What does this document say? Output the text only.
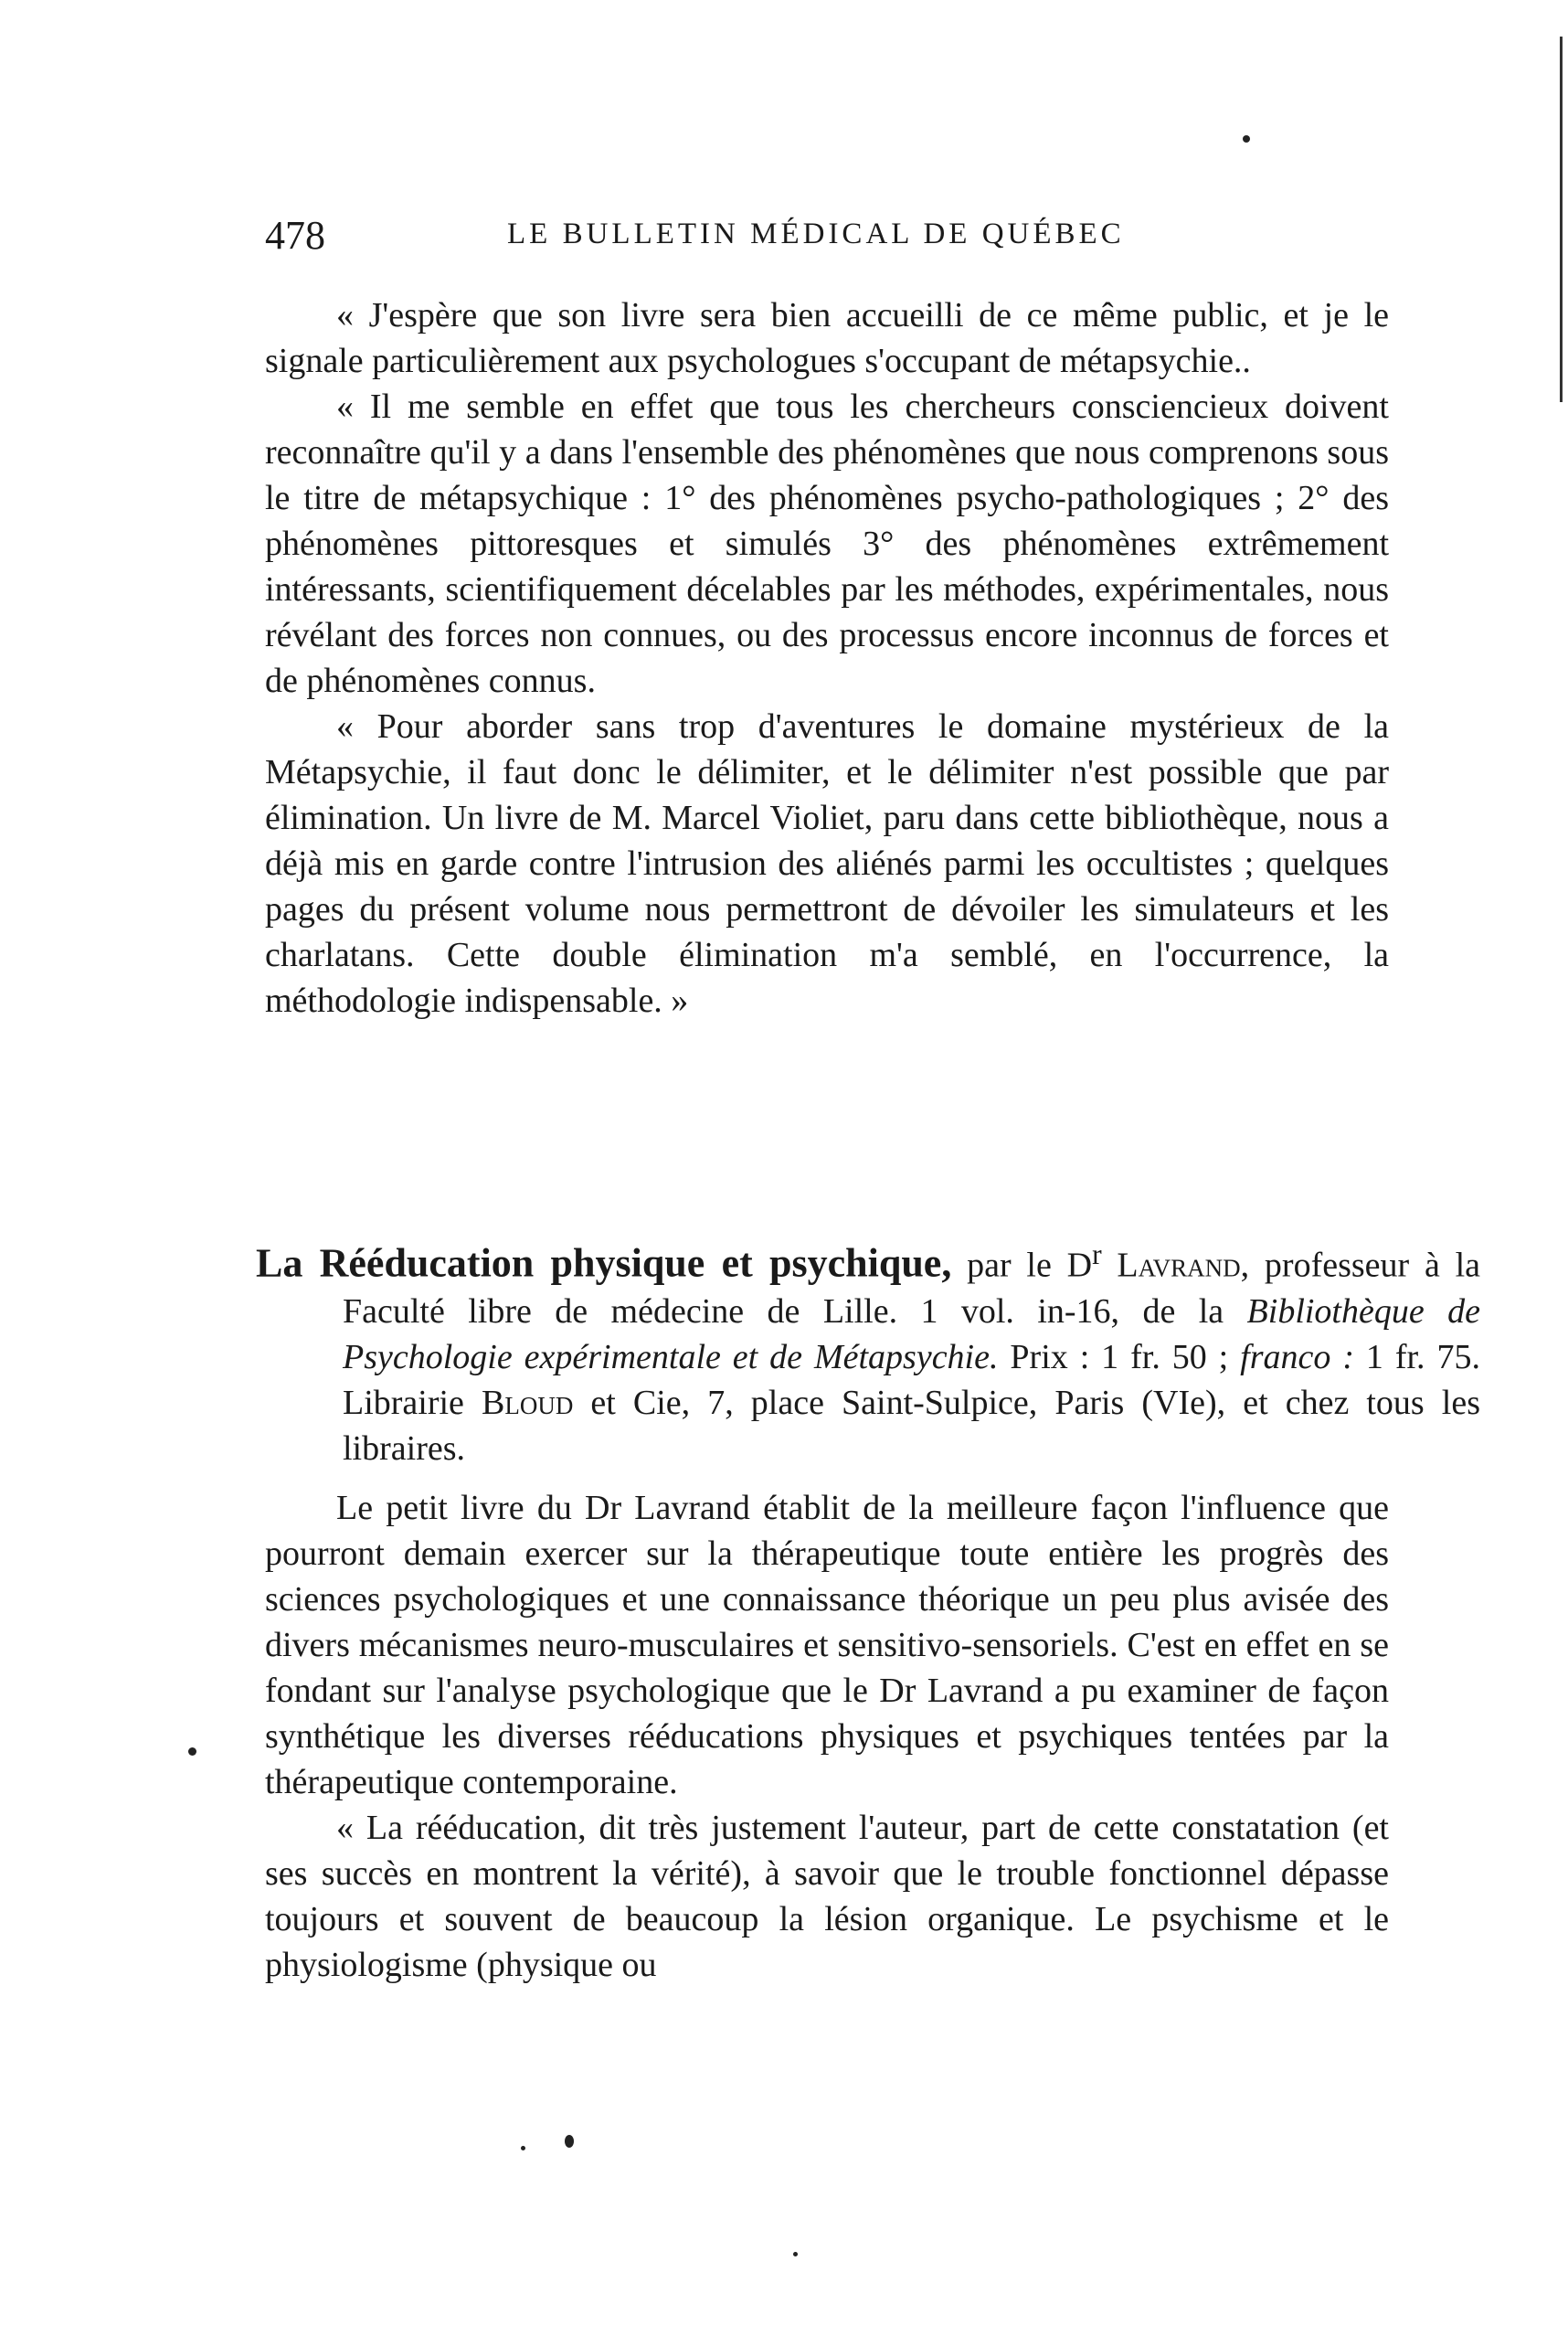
478	LE BULLETIN MÉDICAL DE QUÉBEC

« J'espère que son livre sera bien accueilli de ce même public, et je le signale particulièrement aux psychologues s'occupant de métapsychie..

« Il me semble en effet que tous les chercheurs consciencieux doivent reconnaître qu'il y a dans l'ensemble des phénomènes que nous comprenons sous le titre de métapsychique : 1° des phénomènes psycho-pathologiques ; 2° des phénomènes pittoresques et simulés 3° des phénomènes extrêmement intéressants, scientifiquement décelables par les méthodes, expérimentales, nous révélant des forces non connues, ou des processus encore inconnus de forces et de phénomènes connus.

« Pour aborder sans trop d'aventures le domaine mystérieux de la Métapsychie, il faut donc le délimiter, et le délimiter n'est possible que par élimination. Un livre de M. Marcel Violiet, paru dans cette bibliothèque, nous a déjà mis en garde contre l'intrusion des aliénés parmi les occultistes ; quelques pages du présent volume nous permettront de dévoiler les simulateurs et les charlatans. Cette double élimination m'a semblé, en l'occurrence, la méthodologie indispensable. »

La Rééducation physique et psychique, par le $D^r$ Lavrand, professeur à la Faculté libre de médecine de Lille. 1 vol. in-16, de la Bibliothèque de Psychologie expérimentale et de Métapsychie. Prix : 1 fr. 50 ; franco : 1 fr. 75. Librairie Bloud et Cie, 7, place Saint-Sulpice, Paris (VIe), et chez tous les libraires.

Le petit livre du Dr Lavrand établit de la meilleure façon l'influence que pourront demain exercer sur la thérapeutique toute entière les progrès des sciences psychologiques et une connaissance théorique un peu plus avisée des divers mécanismes neuro-musculaires et sensitivo-sensoriels. C'est en effet en se fondant sur l'analyse psychologique que le Dr Lavrand a pu examiner de façon synthétique les diverses rééducations physiques et psychiques tentées par la thérapeutique contemporaine.

« La rééducation, dit très justement l'auteur, part de cette constatation (et ses succès en montrent la vérité), à savoir que le trouble fonctionnel dépasse toujours et souvent de beaucoup la lésion organique. Le psychisme et le physiologisme (physique ou
